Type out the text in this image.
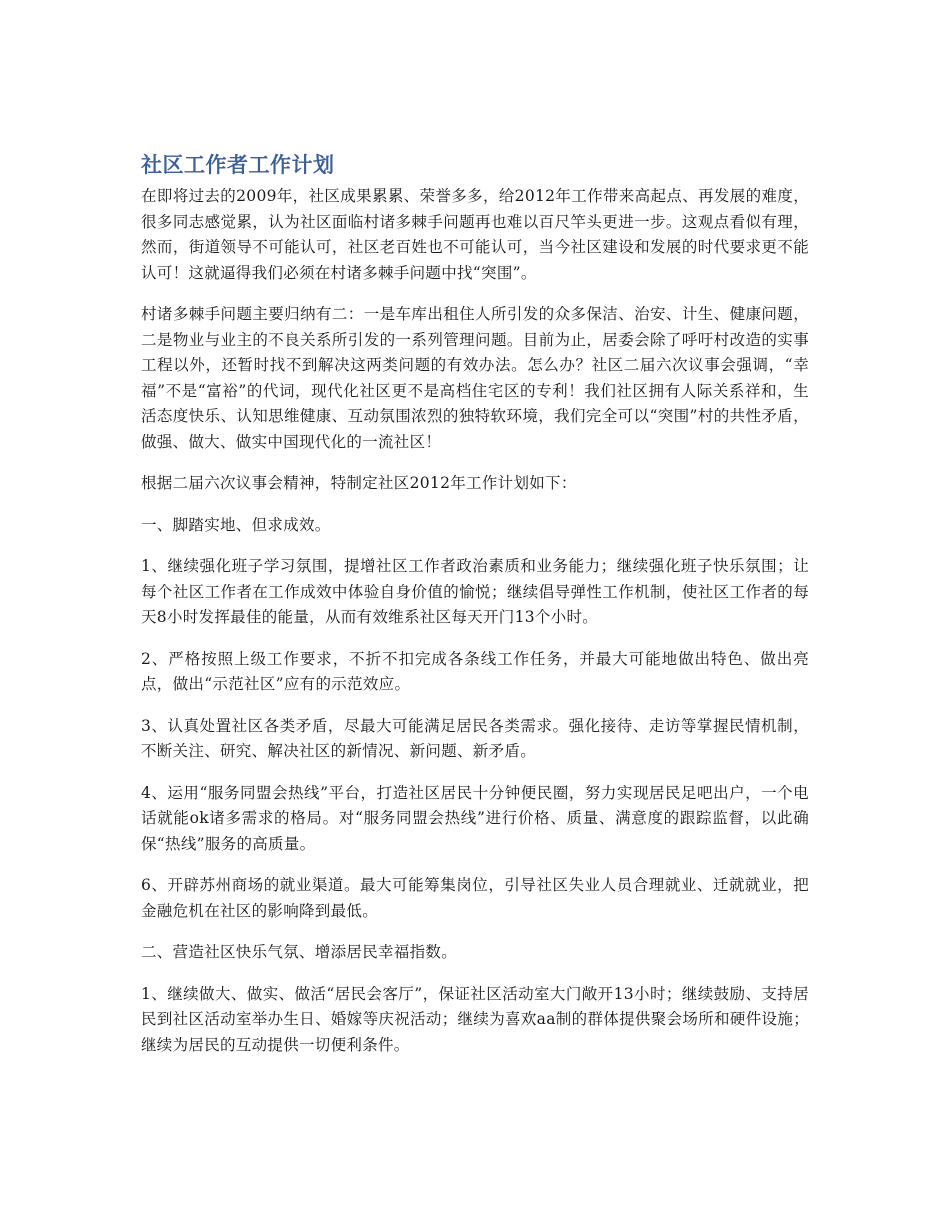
社区工作者工作计划

在即将过去的2009年，社区成果累累、荣誉多多，给2012年工作带来高起点、再发展的难度，很多同志感觉累，认为社区面临村诸多棘手问题再也难以百尺竿头更进一步。这观点看似有理，然而，街道领导不可能认可，社区老百姓也不可能认可，当今社区建设和发展的时代要求更不能认可！这就逼得我们必须在村诸多棘手问题中找“突围”。

村诸多棘手问题主要归纳有二：一是车库出租住人所引发的众多保洁、治安、计生、健康问题，二是物业与业主的不良关系所引发的一系列管理问题。目前为止，居委会除了呼吁村改造的实事工程以外，还暂时找不到解决这两类问题的有效办法。怎么办？社区二届六次议事会强调，“幸福”不是“富裕”的代词，现代化社区更不是高档住宅区的专利！我们社区拥有人际关系祥和，生活态度快乐、认知思维健康、互动氛围浓烈的独特软环境，我们完全可以“突围”村的共性矛盾，做强、做大、做实中国现代化的一流社区！

根据二届六次议事会精神，特制定社区2012年工作计划如下：

一、脚踏实地、但求成效。

1、继续强化班子学习氛围，提增社区工作者政治素质和业务能力；继续强化班子快乐氛围；让每个社区工作者在工作成效中体验自身价值的愉悦；继续倡导弹性工作机制，使社区工作者的每天8小时发挥最佳的能量，从而有效维系社区每天开门13个小时。

2、严格按照上级工作要求，不折不扣完成各条线工作任务，并最大可能地做出特色、做出亮点，做出“示范社区”应有的示范效应。

3、认真处置社区各类矛盾，尽最大可能满足居民各类需求。强化接待、走访等掌握民情机制，不断关注、研究、解决社区的新情况、新问题、新矛盾。

4、运用“服务同盟会热线”平台，打造社区居民十分钟便民圈，努力实现居民足吧出户，一个电话就能ok诸多需求的格局。对“服务同盟会热线”进行价格、质量、满意度的跟踪监督，以此确保“热线”服务的高质量。

6、开辟苏州商场的就业渠道。最大可能筹集岗位，引导社区失业人员合理就业、迁就就业，把金融危机在社区的影响降到最低。

二、营造社区快乐气氛、增添居民幸福指数。

1、继续做大、做实、做活“居民会客厅”，保证社区活动室大门敞开13小时；继续鼓励、支持居民到社区活动室举办生日、婚嫁等庆祝活动；继续为喜欢aa制的群体提供聚会场所和硬件设施；继续为居民的互动提供一切便利条件。
